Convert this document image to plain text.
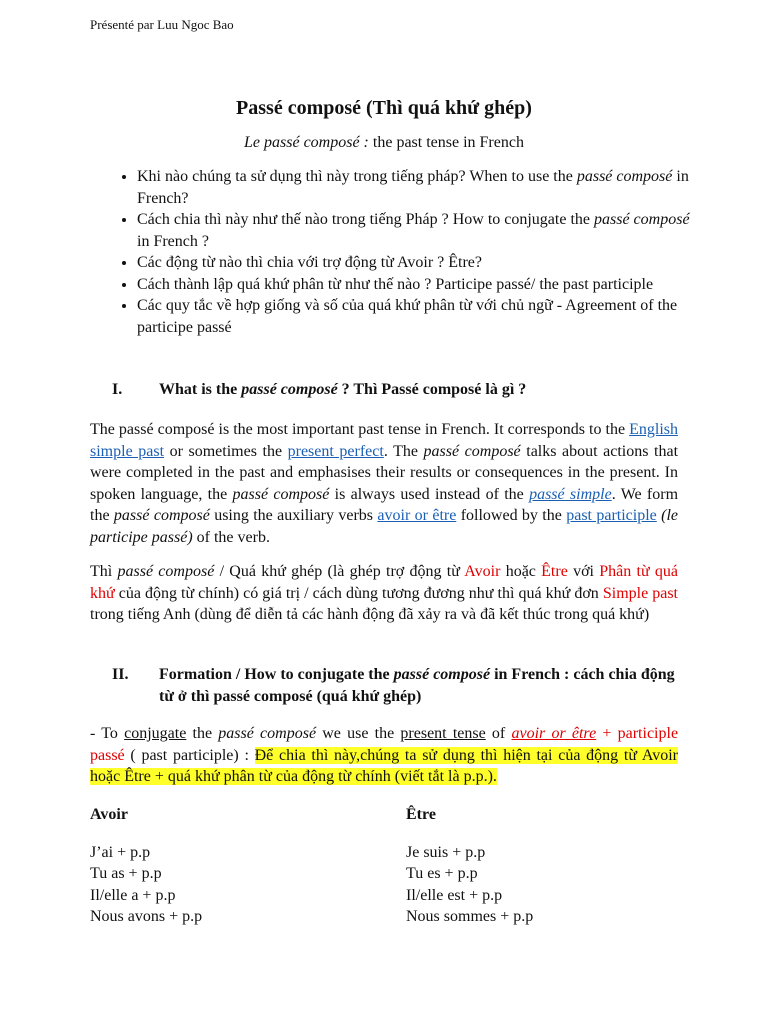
Présenté par Luu Ngoc Bao
Passé composé (Thì quá khứ ghép)
Le passé composé : the past tense in French
• Khi nào chúng ta sử dụng thì này trong tiếng pháp? When to use the passé composé in French?
• Cách chia thì này như thế nào trong tiếng Pháp ? How to conjugate the passé composé in French ?
• Các động từ nào thì chia với trợ động từ Avoir ? Être?
• Cách thành lập quá khứ phân từ như thế nào ? Participe passé/ the past participle
• Các quy tắc về hợp giống và số của quá khứ phân từ với chủ ngữ - Agreement of the participe passé
I. What is the passé composé ? Thì Passé composé là gì ?
The passé composé is the most important past tense in French. It corresponds to the English simple past or sometimes the present perfect. The passé composé talks about actions that were completed in the past and emphasises their results or consequences in the present. In spoken language, the passé composé is always used instead of the passé simple. We form the passé composé using the auxiliary verbs avoir or être followed by the past participle (le participe passé) of the verb.
Thì passé composé / Quá khứ ghép (là ghép trợ động từ Avoir hoặc Être với Phân từ quá khứ của động từ chính) có giá trị / cách dùng tương đương như thì quá khứ đơn Simple past trong tiếng Anh (dùng để diễn tả các hành động đã xảy ra và đã kết thúc trong quá khứ)
II. Formation / How to conjugate the passé composé in French : cách chia động từ ở thì passé composé (quá khứ ghép)
- To conjugate the passé composé we use the present tense of avoir or être + participle passé ( past participle) : Để chia thì này,chúng ta sử dụng thì hiện tại của động từ Avoir hoặc Être + quá khứ phân từ của động từ chính (viết tắt là p.p.).
Avoir
J’ai + p.p
Tu as + p.p
Il/elle a + p.p
Nous avons + p.p
Être
Je suis + p.p
Tu es + p.p
Il/elle est + p.p
Nous sommes + p.p
